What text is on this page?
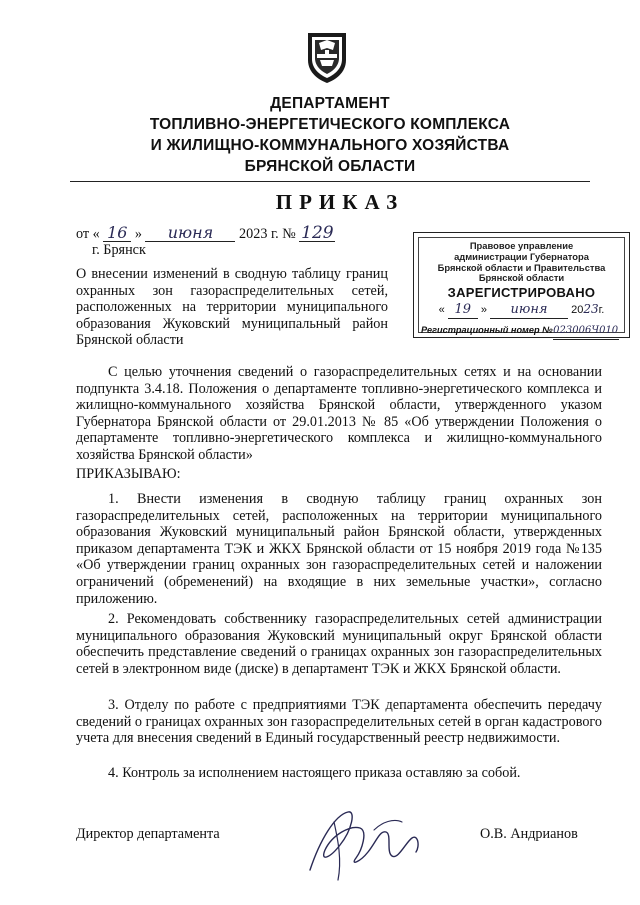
ДЕПАРТАМЕНТ
ТОПЛИВНО-ЭНЕРГЕТИЧЕСКОГО КОМПЛЕКСА
И ЖИЛИЩНО-КОММУНАЛЬНОГО ХОЗЯЙСТВА
БРЯНСКОЙ ОБЛАСТИ
ПРИКАЗ
от « 16 » июня 2023 г. № 129
г. Брянск	Правовое управление
администрации Губернатора
Брянской области и Правительства
Брянской области
ЗАРЕГИСТРИРОВАНО
« 19 » июня 2023г.
Регистрационный номер №023006Ч010
О внесении изменений в сводную таблицу границ охранных зон газораспределительных сетей, расположенных на территории муниципального образования Жуковский муниципальный район Брянской области
С целью уточнения сведений о газораспределительных сетях и на основании подпункта 3.4.18. Положения о департаменте топливно-энергетического комплекса и жилищно-коммунального хозяйства Брянской области, утвержденного указом Губернатора Брянской области от 29.01.2013 № 85 «Об утверждении Положения о департаменте топливно-энергетического комплекса и жилищно-коммунального хозяйства Брянской области»
ПРИКАЗЫВАЮ:
1. Внести изменения в сводную таблицу границ охранных зон газораспределительных сетей, расположенных на территории муниципального образования Жуковский муниципальный район Брянской области, утвержденных приказом департамента ТЭК и ЖКХ Брянской области от 15 ноября 2019 года №135 «Об утверждении границ охранных зон газораспределительных сетей и наложении ограничений (обременений) на входящие в них земельные участки», согласно приложению.
2. Рекомендовать собственнику газораспределительных сетей администрации муниципального образования Жуковский муниципальный округ Брянской области обеспечить представление сведений о границах охранных зон газораспределительных сетей в электронном виде (диске) в департамент ТЭК и ЖКХ Брянской области.
3. Отделу по работе с предприятиями ТЭК департамента обеспечить передачу сведений о границах охранных зон газораспределительных сетей в орган кадастрового учета для внесения сведений в Единый государственный реестр недвижимости.
4. Контроль за исполнением настоящего приказа оставляю за собой.
Директор департамента	О.В. Андрианов
